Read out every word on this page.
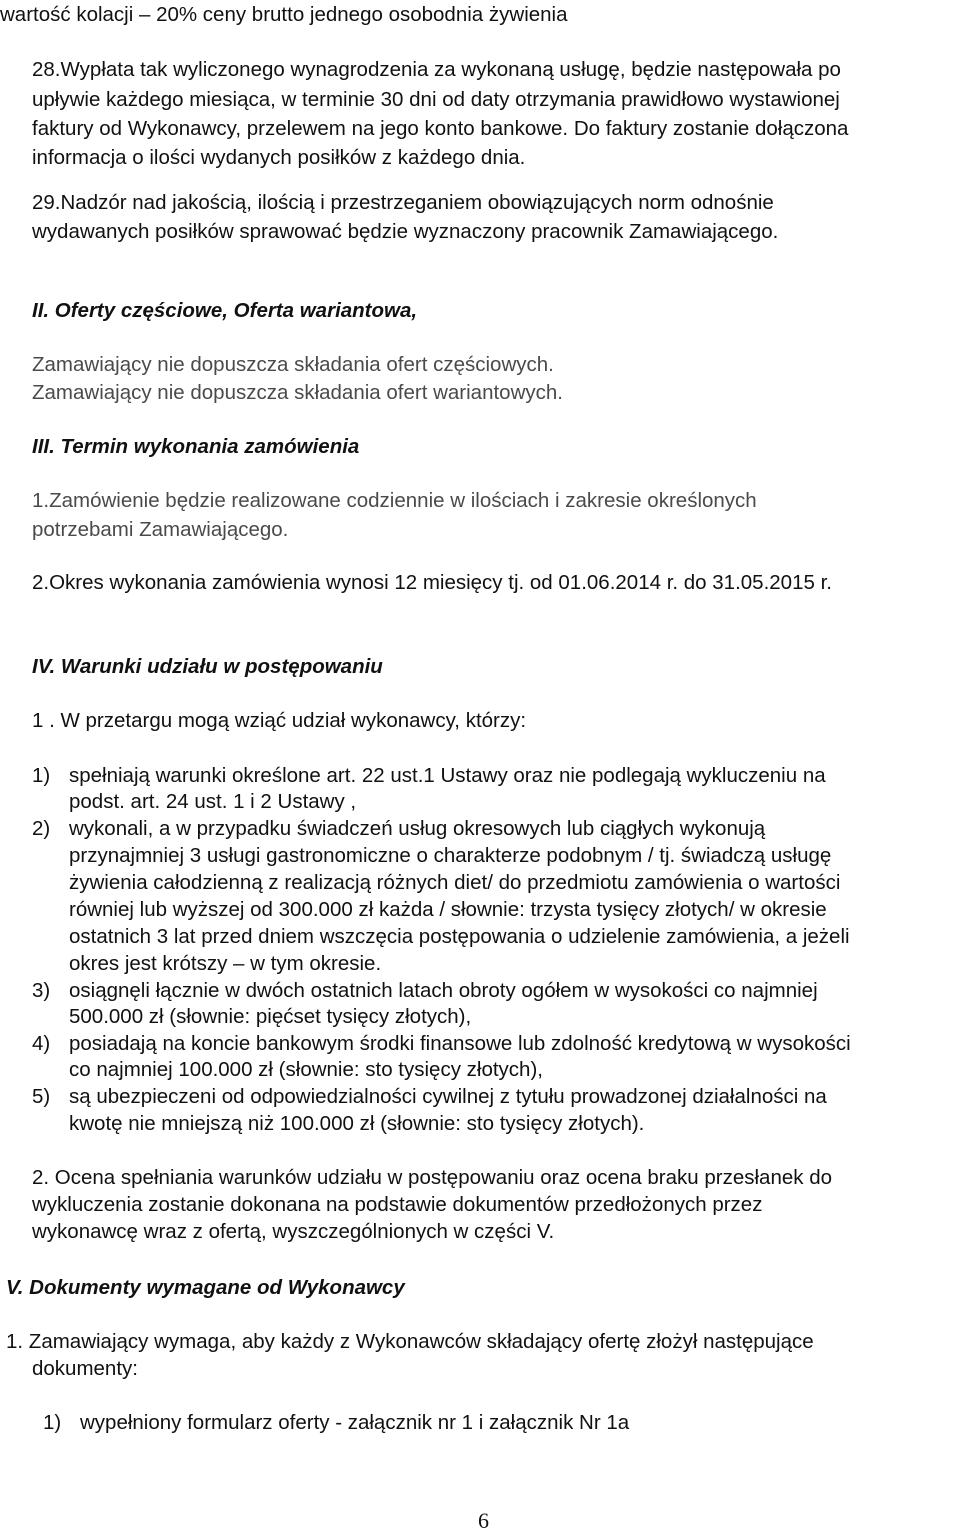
wartość kolacji – 20% ceny brutto jednego osobodnia żywienia
28.Wypłata tak wyliczonego wynagrodzenia za wykonaną usługę, będzie następowała po
upływie każdego miesiąca, w terminie 30 dni od daty otrzymania prawidłowo wystawionej
faktury od Wykonawcy, przelewem na jego konto bankowe. Do faktury zostanie dołączona
informacja o ilości wydanych posiłków z każdego dnia.
29.Nadzór nad jakością, ilością i przestrzeganiem obowiązujących norm odnośnie
wydawanych posiłków sprawować będzie wyznaczony pracownik Zamawiającego.
II. Oferty częściowe, Oferta wariantowa,
Zamawiający nie dopuszcza składania ofert częściowych.
Zamawiający nie dopuszcza składania ofert wariantowych.
III. Termin wykonania zamówienia
1.Zamówienie będzie realizowane codziennie w ilościach i zakresie określonych
potrzebami Zamawiającego.
2.Okres wykonania zamówienia wynosi 12 miesięcy tj. od 01.06.2014 r. do 31.05.2015 r.
IV. Warunki udziału w postępowaniu
1 . W przetargu mogą wziąć udział wykonawcy, którzy:
1) spełniają warunki określone art. 22 ust.1 Ustawy oraz nie podlegają wykluczeniu na
podst. art. 24 ust. 1 i 2 Ustawy ,
2) wykonali, a w przypadku świadczeń usług okresowych lub ciągłych wykonują
przynajmniej 3 usługi gastronomiczne o charakterze podobnym / tj. świadczą usługę
żywienia całodzienną z realizacją różnych diet/ do przedmiotu zamówienia o wartości
równiej lub wyższej od 300.000 zł każda / słownie: trzysta tysięcy złotych/ w okresie
ostatnich 3 lat przed dniem wszczęcia postępowania o udzielenie zamówienia, a jeżeli
okres jest krótszy – w tym okresie.
3) osiągnęli łącznie w dwóch ostatnich latach obroty ogółem w wysokości co najmniej
500.000 zł (słownie: pięćset tysięcy złotych),
4) posiadają na koncie bankowym środki finansowe lub zdolność kredytową w wysokości
co najmniej 100.000 zł (słownie: sto tysięcy złotych),
5) są ubezpieczeni od odpowiedzialności cywilnej z tytułu prowadzonej działalności na
kwotę nie mniejszą niż 100.000 zł (słownie: sto tysięcy złotych).
2. Ocena spełniania warunków udziału w postępowaniu oraz ocena braku przesłanek do
wykluczenia zostanie dokonana na podstawie dokumentów przedłożonych przez
wykonawcę wraz z ofertą, wyszczególnionych w części V.
V. Dokumenty wymagane od Wykonawcy
1. Zamawiający wymaga, aby każdy z Wykonawców składający ofertę złożył następujące
dokumenty:
1) wypełniony formularz oferty - załącznik nr 1 i załącznik Nr 1a
6
